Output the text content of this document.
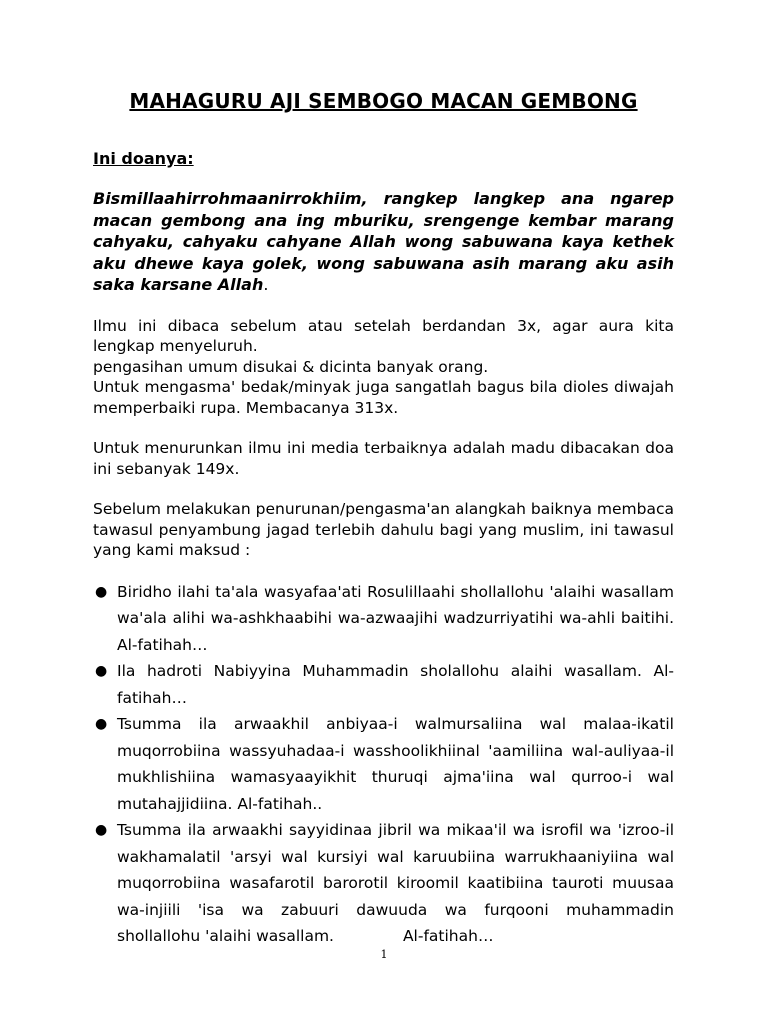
MAHAGURU AJI SEMBOGO MACAN GEMBONG
Ini doanya:

Bismillaahirrohmaanirrokhiim, rangkep langkep ana ngarep macan gembong ana ing mburiku, srengenge kembar marang cahyaku, cahyaku cahyane Allah wong sabuwana kaya kethek aku dhewe kaya golek, wong sabuwana asih marang aku asih saka karsane Allah.

Ilmu ini dibaca sebelum atau setelah berdandan 3x, agar aura kita lengkap menyeluruh.

pengasihan umum disukai & dicinta banyak orang.

Untuk mengasma' bedak/minyak juga sangatlah bagus bila dioles diwajah memperbaiki rupa. Membacanya 313x.

Untuk menurunkan ilmu ini media terbaiknya adalah madu dibacakan doa ini sebanyak 149x.

Sebelum melakukan penurunan/pengasma'an alangkah baiknya membaca tawasul penyambung jagad terlebih dahulu bagi yang muslim, ini tawasul yang kami maksud :

● Biridho ilahi ta'ala wasyafaa'ati Rosulillaahi shollallohu 'alaihi wasallam wa'ala alihi wa-ashkhaabihi wa-azwaajihi wadzurriyatihi wa-ahli baitihi. Al-fatihah…
● Ila hadroti Nabiyyina Muhammadin sholallohu alaihi wasallam. Al-fatihah…
● Tsumma ila arwaakhil anbiyaa-i walmursaliina wal malaa-ikatil muqorrobiina wassyuhadaa-i wasshoolikhiinal 'aamiliina wal-auliyaa-il mukhlishiina wamasyaayikhit thuruqi ajma'iina wal qurroo-i wal mutahajjidiina. Al-fatihah..
● Tsumma ila arwaakhi sayyidinaa jibril wa mikaa'il wa isrofil wa 'izroo-il wakhamalatil 'arsyi wal kursiyi wal karuubiina warrukhaaniyiina wal muqorrobiina wasafarotil barorotil kiroomil kaatibiina tauroti muusaa wa-injiili 'isa wa zabuuri dawuuda wa furqooni muhammadin shollallohu 'alaihi wasallam.              Al-fatihah…
1
